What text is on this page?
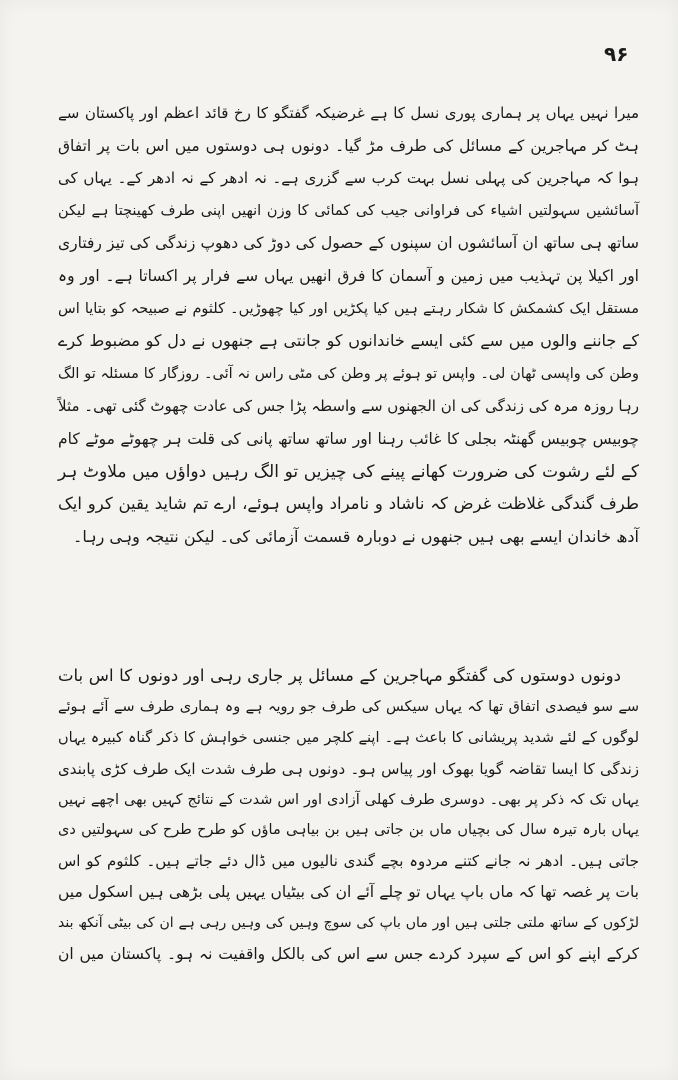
۹۶
میرا نہیں یہاں پر ہماری پوری نسل کا ہے غرضیکہ گفتگو کا رخ قائد اعظم اور پاکستان سے
ہٹ کر مہاجرین کے مسائل کی طرف مڑ گیا۔ دونوں ہی دوستوں میں اس بات پر اتفاق
ہوا کہ مہاجرین کی پہلی نسل بہت کرب سے گزری ہے۔ نہ ادھر کے نہ ادھر کے۔ یہاں کی
آسائشیں سہولتیں اشیاء کی فراوانی جیب کی کمائی کا وزن انھیں اپنی طرف کھینچتا ہے لیکن
ساتھ ہی ساتھ ان آسائشوں ان سپنوں کے حصول کی دوڑ کی دھوپ زندگی کی تیز رفتاری
اور اکیلا پن تہذیب میں زمین و آسمان کا فرق انھیں یہاں سے فرار پر اکساتا ہے۔ اور وہ
مستقل ایک کشمکش کا شکار رہتے ہیں کیا پکڑیں اور کیا چھوڑیں۔ کلثوم نے صبیحہ کو بتایا اس
کے جاننے والوں میں سے کئی ایسے خاندانوں کو جانتی ہے جنھوں نے دل کو مضبوط کرے
وطن کی واپسی ٹھان لی۔ واپس تو ہوئے پر وطن کی مٹی راس نہ آئی۔ روزگار کا مسئلہ تو الگ
رہا روزہ مرہ کی زندگی کی ان الجھنوں سے واسطہ پڑا جس کی عادت چھوٹ گئی تھی۔ مثلاً
چوبیس چوبیس گھنٹہ بجلی کا غائب رہنا اور ساتھ ساتھ پانی کی قلت ہر چھوٹے موٹے کام
کے لئے رشوت کی ضرورت کھانے پینے کی چیزیں تو الگ رہیں دواؤں میں ملاوٹ ہر
طرف گندگی غلاظت غرض کہ ناشاد و نامراد واپس ہوئے، ارے تم شاید یقین کرو ایک
آدھ خاندان ایسے بھی ہیں جنھوں نے دوبارہ قسمت آزمائی کی۔ لیکن نتیجہ وہی رہا۔
دونوں دوستوں کی گفتگو مہاجرین کے مسائل پر جاری رہی اور دونوں کا اس بات
سے سو فیصدی اتفاق تھا کہ یہاں سیکس کی طرف جو رویہ ہے وہ ہماری طرف سے آئے ہوئے
لوگوں کے لئے شدید پریشانی کا باعث ہے۔ اپنے کلچر میں جنسی خواہش کا ذکر گناہ کبیرہ یہاں
زندگی کا ایسا تقاضہ گویا بھوک اور پیاس ہو۔ دونوں ہی طرف شدت ایک طرف کڑی پابندی
یہاں تک کہ ذکر پر بھی۔ دوسری طرف کھلی آزادی اور اس شدت کے نتائج کہیں بھی اچھے نہیں
یہاں بارہ تیرہ سال کی بچیاں ماں بن جاتی ہیں بن بیاہی ماؤں کو طرح طرح کی سہولتیں دی
جاتی ہیں۔ ادھر نہ جانے کتنے مردوہ بچے گندی نالیوں میں ڈال دئے جاتے ہیں۔ کلثوم کو اس
بات پر غصہ تھا کہ ماں باپ یہاں تو چلے آئے ان کی بیٹیاں یہیں پلی بڑھی ہیں اسکول میں
لڑکوں کے ساتھ ملتی جلتی ہیں اور ماں باپ کی سوچ وہیں کی وہیں رہی ہے ان کی بیٹی آنکھ بند
کرکے اپنے کو اس کے سپرد کردے جس سے اس کی بالکل واقفیت نہ ہو۔ پاکستان میں ان
